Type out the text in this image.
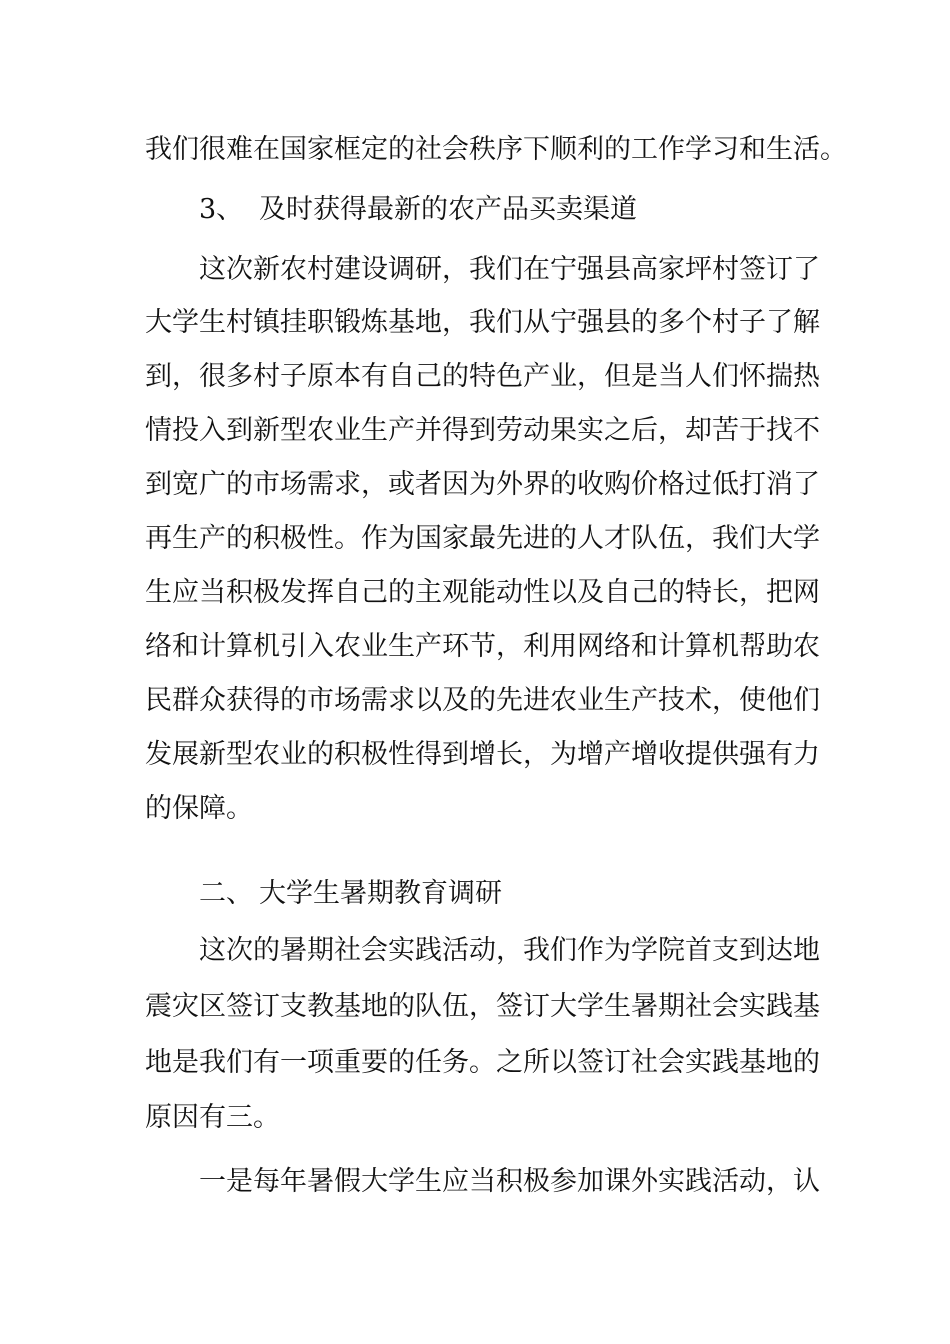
我们很难在国家框定的社会秩序下顺利的工作学习和生活。
3、 及时获得最新的农产品买卖渠道
这次新农村建设调研，我们在宁强县高家坪村签订了
大学生村镇挂职锻炼基地，我们从宁强县的多个村子了解
到，很多村子原本有自己的特色产业，但是当人们怀揣热
情投入到新型农业生产并得到劳动果实之后，却苦于找不
到宽广的市场需求，或者因为外界的收购价格过低打消了
再生产的积极性。作为国家最先进的人才队伍，我们大学
生应当积极发挥自己的主观能动性以及自己的特长，把网
络和计算机引入农业生产环节，利用网络和计算机帮助农
民群众获得的市场需求以及的先进农业生产技术，使他们
发展新型农业的积极性得到增长，为增产增收提供强有力
的保障。
二、 大学生暑期教育调研
这次的暑期社会实践活动，我们作为学院首支到达地
震灾区签订支教基地的队伍，签订大学生暑期社会实践基
地是我们有一项重要的任务。之所以签订社会实践基地的
原因有三。
一是每年暑假大学生应当积极参加课外实践活动，认
